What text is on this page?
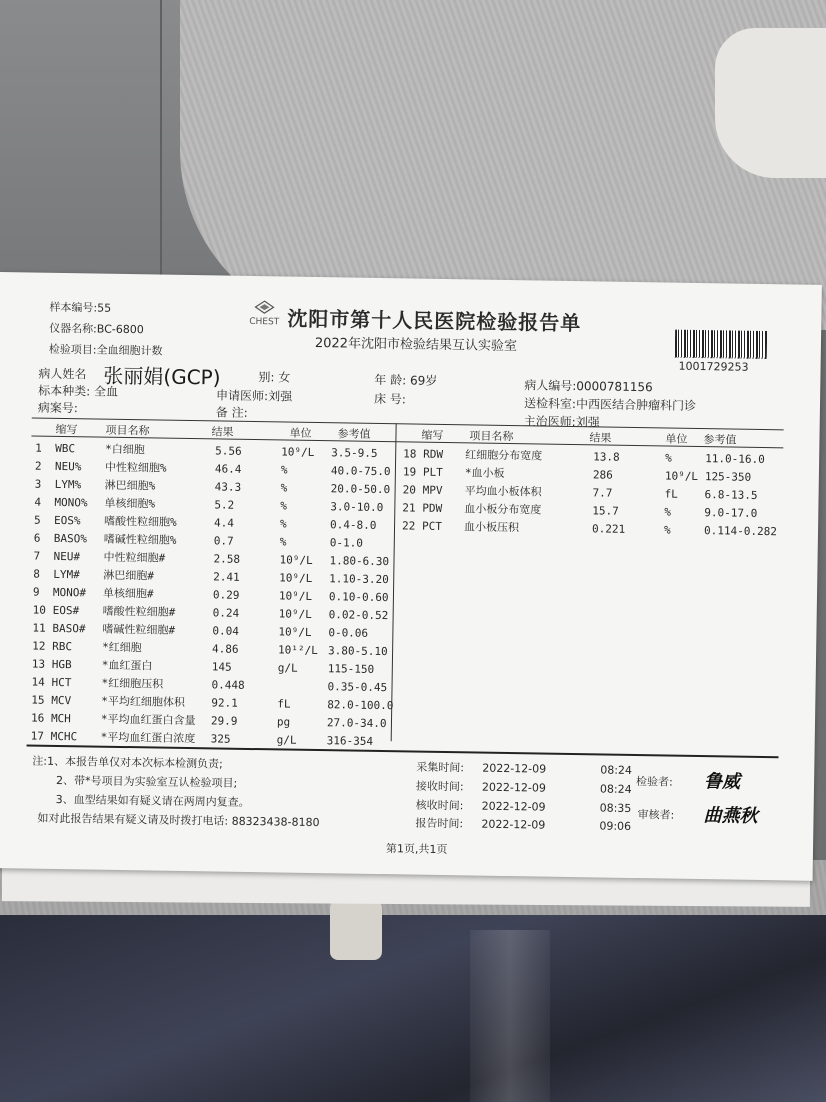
样本编号:55
仪器名称:BC-6800
检验项目:全血细胞计数
CHEST 沈阳市第十人民医院检验报告单
2022年沈阳市检验结果互认实验室
1001729253
病人姓名 张丽娟(GCP)	别: 女	年 龄: 69岁	病人编号:0000781156
标本种类: 全血	申请医师:刘强	床 号:	送检科室:中西医结合肿瘤科门诊
病案号:	备 注:
主治医师:刘强
缩写	项目名称	结果	单位 参考值	缩写 项目名称	结果	单位 参考值
1 WBC	*白细胞	5.56	10⁹/L 3.5-9.5
2 NEU% 中性粒细胞%	46.4	%	40.0-75.0
3 LYM% 淋巴细胞%	43.3	%	20.0-50.0
4 MONO% 单核细胞%	5.2	%	3.0-10.0
5 EOS% 嗜酸性粒细胞%	4.4	%	0.4-8.0
6 BASO% 嗜碱性粒细胞%	0.7	%	0-1.0
7 NEU# 中性粒细胞#	2.58	10⁹/L 1.80-6.30
8 LYM# 淋巴细胞#	2.41	10⁹/L 1.10-3.20
9 MONO# 单核细胞#	0.29	10⁹/L 0.10-0.60
10 EOS# 嗜酸性粒细胞#	0.24	10⁹/L 0.02-0.52
11 BASO# 嗜碱性粒细胞#	0.04	10⁹/L 0-0.06
12 RBC	*红细胞	4.86	10¹²/L 3.80-5.10
13 HGB	*血红蛋白	145	g/L	115-150
14 HCT	*红细胞压积	0.448	0.35-0.45
15 MCV	*平均红细胞体积 92.1	fL	82.0-100.0
16 MCH	*平均血红蛋白含量 29.9	pg	27.0-34.0
17 MCHC *平均血红蛋白浓度 325	g/L	316-354
18 RDW 红细胞分布宽度	13.8	%	11.0-16.0
19 PLT *血小板	286	10⁹/L 125-350
20 MPV 平均血小板体积	7.7	fL 6.8-13.5
21 PDW 血小板分布宽度	15.7	%	9.0-17.0
22 PCT 血小板压积	0.221	%	0.114-0.282
注:1、本报告单仅对本次标本检测负责;
2、带*号项目为实验室互认检验项目;
3、血型结果如有疑义请在两周内复查。
如对此报告结果有疑义请及时拨打电话: 88323438-8180
采集时间: 2022-12-09	08:24
接收时间: 2022-12-09	08:24
核收时间: 2022-12-09	08:35
报告时间: 2022-12-09	09:06
检验者: 鲁威
审核者: 曲燕秋
第1页,共1页
